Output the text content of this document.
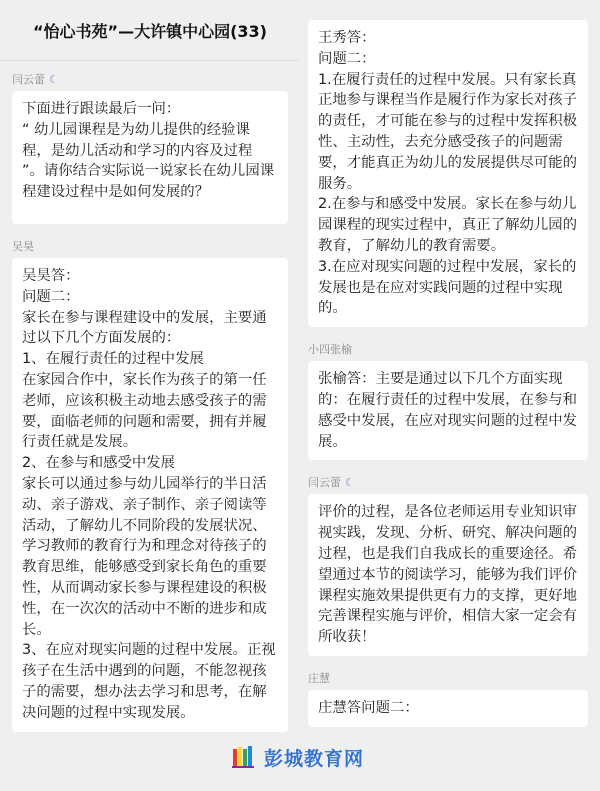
“怡心书苑”—大许镇中心园(33)
闫云蕾 ☾
下面进行跟读最后一问：
“ 幼儿园课程是为幼儿提供的经验课程，是幼儿活动和学习的内容及过程 ”。请你结合实际说一说家长在幼儿园课程建设过程中是如何发展的？
吴昊
吴昊答：
问题二：
家长在参与课程建设中的发展，主要通过以下几个方面发展的：
1、在履行责任的过程中发展
在家园合作中，家长作为孩子的第一任老师，应该积极主动地去感受孩子的需要，面临老师的问题和需要，拥有并履行责任就是发展。
2、在参与和感受中发展
家长可以通过参与幼儿园举行的半日活动、亲子游戏、亲子制作、亲子阅读等活动，了解幼儿不同阶段的发展状况、学习教师的教育行为和理念对待孩子的教育思维，能够感受到家长角色的重要性，从而调动家长参与课程建设的积极性，在一次次的活动中不断的进步和成长。
3、在应对现实问题的过程中发展。正视孩子在生活中遇到的问题，不能忽视孩子的需要，想办法去学习和思考，在解决问题的过程中实现发展。
王秀答：
问题二：
1.在履行责任的过程中发展。只有家长真正地参与课程当作是履行作为家长对孩子的责任，才可能在参与的过程中发挥积极性、主动性，去充分感受孩子的问题需要，才能真正为幼儿的发展提供尽可能的服务。
2.在参与和感受中发展。家长在参与幼儿园课程的现实过程中，真正了解幼儿园的教育，了解幼儿的教育需要。
3.在应对现实问题的过程中发展，家长的发展也是在应对实践问题的过程中实现的。
小四张榆
张榆答：主要是通过以下几个方面实现的：在履行责任的过程中发展，在参与和感受中发展，在应对现实问题的过程中发展。
闫云蕾 ☾
评价的过程，是各位老师运用专业知识审视实践，发现、分析、研究、解决问题的过程，也是我们自我成长的重要途径。希望通过本节的阅读学习，能够为我们评价课程实施效果提供更有力的支撑，更好地完善课程实施与评价，相信大家一定会有所收获！
庄慧
庄慧答问题二：
彭城教育网
